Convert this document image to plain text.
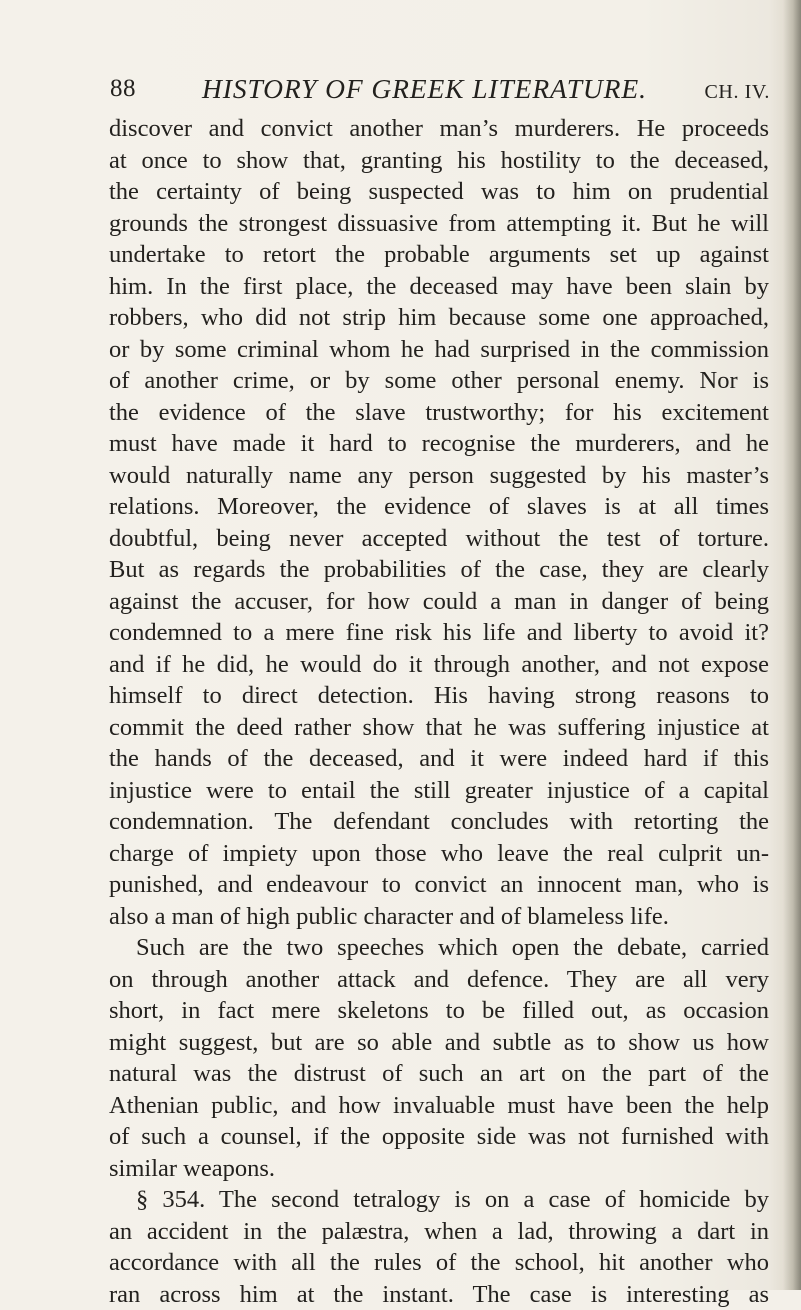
88 HISTORY OF GREEK LITERATURE.	CH. IV.
discover and convict another man’s murderers. He proceeds
at once to show that, granting his hostility to the deceased,
the certainty of being suspected was to him on prudential
grounds the strongest dissuasive from attempting it. But he will
undertake to retort the probable arguments set up against
him. In the first place, the deceased may have been slain by
robbers, who did not strip him because some one approached,
or by some criminal whom he had surprised in the commission
of another crime, or by some other personal enemy. Nor is
the evidence of the slave trustworthy; for his excitement
must have made it hard to recognise the murderers, and he
would naturally name any person suggested by his master’s
relations. Moreover, the evidence of slaves is at all times
doubtful, being never accepted without the test of torture.
But as regards the probabilities of the case, they are clearly
against the accuser, for how could a man in danger of being
condemned to a mere fine risk his life and liberty to avoid it?
and if he did, he would do it through another, and not expose
himself to direct detection. His having strong reasons to
commit the deed rather show that he was suffering injustice at
the hands of the deceased, and it were indeed hard if this
injustice were to entail the still greater injustice of a capital
condemnation. The defendant concludes with retorting the
charge of impiety upon those who leave the real culprit un-
punished, and endeavour to convict an innocent man, who is
also a man of high public character and of blameless life.
Such are the two speeches which open the debate, carried
on through another attack and defence. They are all very
short, in fact mere skeletons to be filled out, as occasion
might suggest, but are so able and subtle as to show us how
natural was the distrust of such an art on the part of the
Athenian public, and how invaluable must have been the help
of such a counsel, if the opposite side was not furnished with
similar weapons.
§ 354. The second tetralogy is on a case of homicide by
an accident in the palæstra, when a lad, throwing a dart in
accordance with all the rules of the school, hit another who
ran across him at the instant. The case is interesting as
